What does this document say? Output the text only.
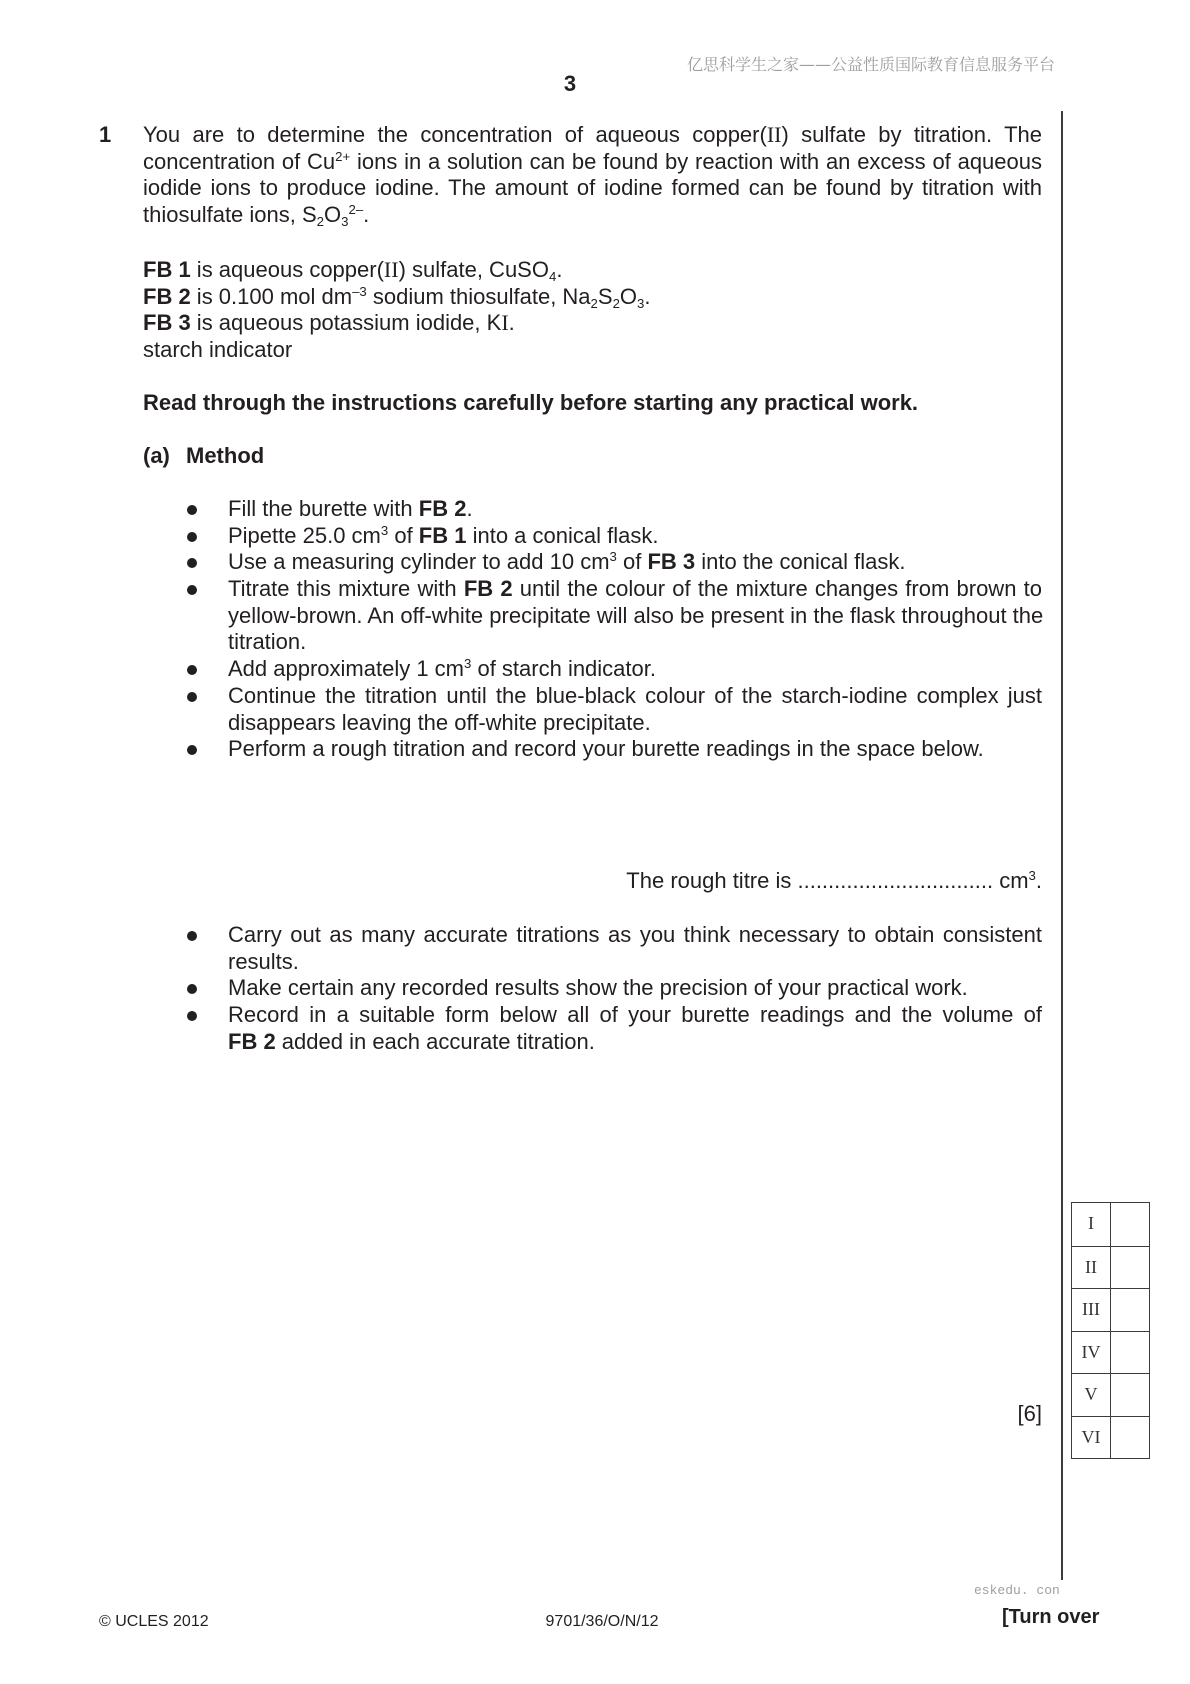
亿思科学生之家——公益性质国际教育信息服务平台
3
1 You are to determine the concentration of aqueous copper(II) sulfate by titration. The
concentration of $Cu^{2+}$ ions in a solution can be found by reaction with an excess of aqueous
iodide ions to produce iodine. The amount of iodine formed can be found by titration with
thiosulfate ions, $S_2O_3^{2-}$.
FB 1 is aqueous copper(II) sulfate, CuSO$_4$.
FB 2 is 0.100 mol $dm^{-3}$ sodium thiosulfate, $Na_2S_2O_3$.
FB 3 is aqueous potassium iodide, KI.
starch indicator
Read through the instructions carefully before starting any practical work.
(a) Method
Fill the burette with FB 2.
Pipette 25.0 $cm^3$ of FB 1 into a conical flask.
Use a measuring cylinder to add 10 $cm^3$ of FB 3 into the conical flask.
Titrate this mixture with FB 2 until the colour of the mixture changes from brown to
yellow-brown. An off-white precipitate will also be present in the flask throughout the
titration.
Add approximately 1 $cm^3$ of starch indicator.
Continue the titration until the blue-black colour of the starch-iodine complex just
disappears leaving the off-white precipitate.
Perform a rough titration and record your burette readings in the space below.
The rough titre is ................................ $cm^3$.
Carry out as many accurate titrations as you think necessary to obtain consistent
results.
Make certain any recorded results show the precision of your practical work.
Record in a suitable form below all of your burette readings and the volume of
FB 2 added in each accurate titration.
[6]
I
II
III
IV
V
VI
eskedu. con
© UCLES 2012	9701/36/O/N/12	[Turn over
